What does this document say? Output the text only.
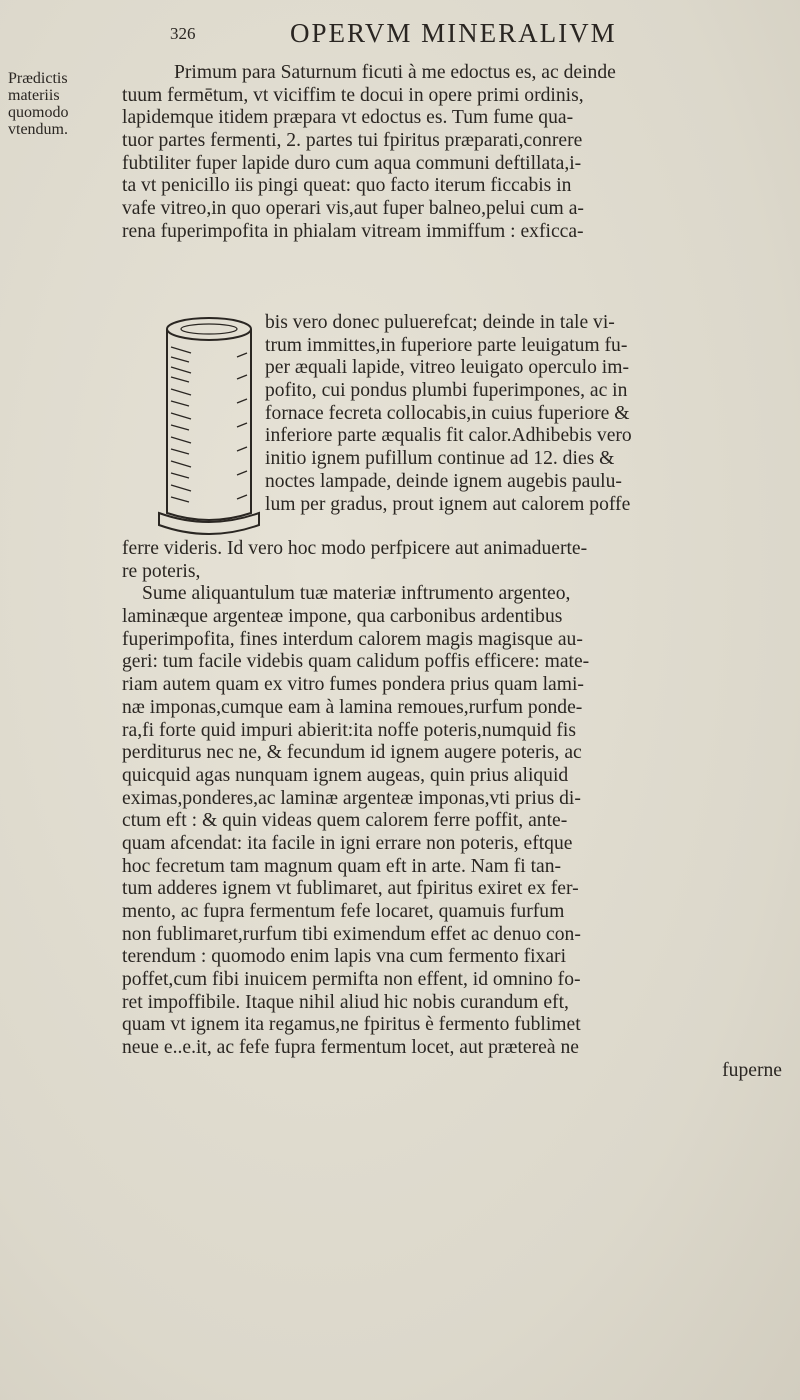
326	OPERVM MINERALIVM
Prædictis
materiis
quomodo
vtendum.
Primum para Saturnum ficuti à me edoctus es, ac deinde
tuum fermētum, vt viciffim te docui in opere primi ordinis,
lapidemque itidem præpara vt edoctus es. Tum fume qua-
tuor partes fermenti, 2. partes tui fpiritus præparati,conrere
fubtiliter fuper lapide duro cum aqua communi deftillata,i-
ta vt penicillo iis pingi queat: quo facto iterum ficcabis in
vafe vitreo,in quo operari vis,aut fuper balneo,pelui cum a-
rena fuperimpofita in phialam vitream immiffum : exficca-
bis vero donec puluerefcat; deinde in tale vi-
trum immittes,in fuperiore parte leuigatum fu-
per æquali lapide, vitreo leuigato operculo im-
pofito, cui pondus plumbi fuperimpones, ac in
fornace fecreta collocabis,in cuius fuperiore &
inferiore parte æqualis fit calor.Adhibebis vero
initio ignem pufillum continue ad 12. dies &
noctes lampade, deinde ignem augebis paulu-
lum per gradus, prout ignem aut calorem poffe
ferre videris. Id vero hoc modo perfpicere aut animaduerte-
re poteris,
Sume aliquantulum tuæ materiæ inftrumento argenteo,
laminæque argenteæ impone, qua carbonibus ardentibus
fuperimpofita, fines interdum calorem magis magisque au-
geri: tum facile videbis quam calidum poffis efficere: mate-
riam autem quam ex vitro fumes pondera prius quam lami-
næ imponas,cumque eam à lamina remoues,rurfum ponde-
ra,fi forte quid impuri abierit:ita noffe poteris,numquid fis
perditurus nec ne, & fecundum id ignem augere poteris, ac
quicquid agas nunquam ignem augeas, quin prius aliquid
eximas,ponderes,ac laminæ argenteæ imponas,vti prius di-
ctum eft : & quin videas quem calorem ferre poffit, ante-
quam afcendat: ita facile in igni errare non poteris, eftque
hoc fecretum tam magnum quam eft in arte. Nam fi tan-
tum adderes ignem vt fublimaret, aut fpiritus exiret ex fer-
mento, ac fupra fermentum fefe locaret, quamuis furfum
non fublimaret,rurfum tibi eximendum effet ac denuo con-
terendum : quomodo enim lapis vna cum fermento fixari
poffet,cum fibi inuicem permifta non effent, id omnino fo-
ret impoffibile. Itaque nihil aliud hic nobis curandum eft,
quam vt ignem ita regamus,ne fpiritus è fermento fublimet
neue e..e.it, ac fefe fupra fermentum locet, aut prætereà ne
fuperne
